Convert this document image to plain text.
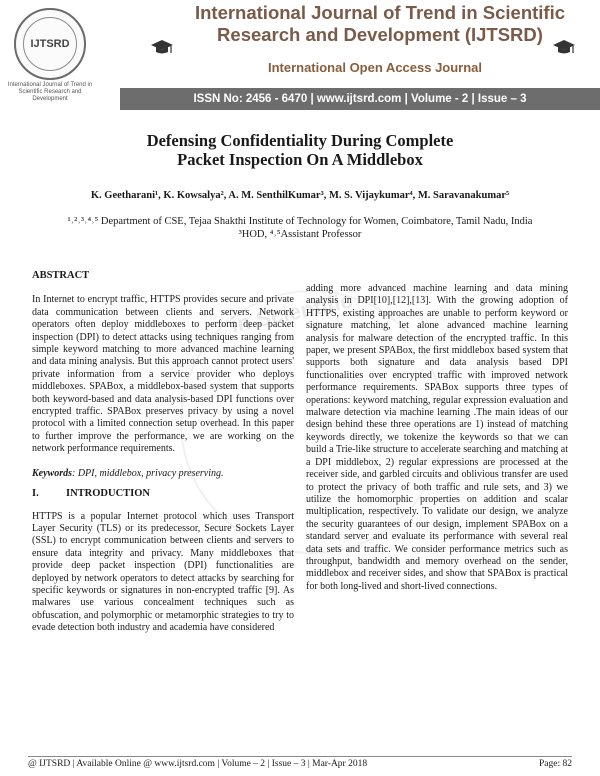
IJTSRD
International Journal of Trend in Scientific Research and Development
International Journal of Trend in Scientific
Research and Development (IJTSRD)
International Open Access Journal
ISSN No: 2456 - 6470 | www.ijtsrd.com | Volume - 2 | Issue – 3
in Scientific
Defensing Confidentiality During Complete
Packet Inspection On A Middlebox
K. Geetharani¹, K. Kowsalya², A. M. SenthilKumar³, M. S. Vijaykumar⁴, M. Saravanakumar⁵
¹˒²˒³˒⁴˒⁵ Department of CSE, Tejaa Shakthi Institute of Technology for Women, Coimbatore, Tamil Nadu, India
³HOD, ⁴˒⁵Assistant Professor
ABSTRACT

In Internet to encrypt traffic, HTTPS provides secure and private data communication between clients and servers. Network operators often deploy middleboxes to perform deep packet inspection (DPI) to detect attacks using techniques ranging from simple keyword matching to more advanced machine learning and data mining analysis. But this approach cannot protect users' private information from a service provider who deploys middleboxes. SPABox, a middlebox-based system that supports both keyword-based and data analysis-based DPI functions over encrypted traffic. SPABox preserves privacy by using a novel protocol with a limited connection setup overhead. In this paper to further improve the performance, we are working on the network performance requirements.

Keywords: DPI, middlebox, privacy preserving.

I.	INTRODUCTION

HTTPS is a popular Internet protocol which uses Transport Layer Security (TLS) or its predecessor, Secure Sockets Layer (SSL) to encrypt communication between clients and servers to ensure data integrity and privacy. Many middleboxes that provide deep packet inspection (DPI) functionalities are deployed by network operators to detect attacks by searching for specific keywords or signatures in non-encrypted traffic [9]. As malwares use various concealment techniques such as obfuscation, and polymorphic or metamorphic strategies to try to evade detection both industry and academia have considered

adding more advanced machine learning and data mining analysis in DPI[10],[12],[13]. With the growing adoption of HTTPS, existing approaches are unable to perform keyword or signature matching, let alone advanced machine learning analysis for malware detection of the encrypted traffic. In this paper, we present SPABox, the first middlebox based system that supports both signature and data analysis based DPI functionalities over encrypted traffic with improved network performance requirements. SPABox supports three types of operations: keyword matching, regular expression evaluation and malware detection via machine learning .The main ideas of our design behind these three operations are 1) instead of matching keywords directly, we tokenize the keywords so that we can build a Trie-like structure to accelerate searching and matching at a DPI middlebox, 2) regular expressions are processed at the receiver side, and garbled circuits and oblivious transfer are used to protect the privacy of both traffic and rule sets, and 3) we utilize the homomorphic properties on addition and scalar multiplication, respectively. To validate our design, we analyze the security guarantees of our design, implement SPABox on a standard server and evaluate its performance with several real data sets and traffic. We consider performance metrics such as throughput, bandwidth and memory overhead on the sender, middlebox and receiver sides, and show that SPABox is practical for both long-lived and short-lived connections.

@ IJTSRD | Available Online @ www.ijtsrd.com | Volume – 2 | Issue – 3 | Mar-Apr 2018	Page: 82
